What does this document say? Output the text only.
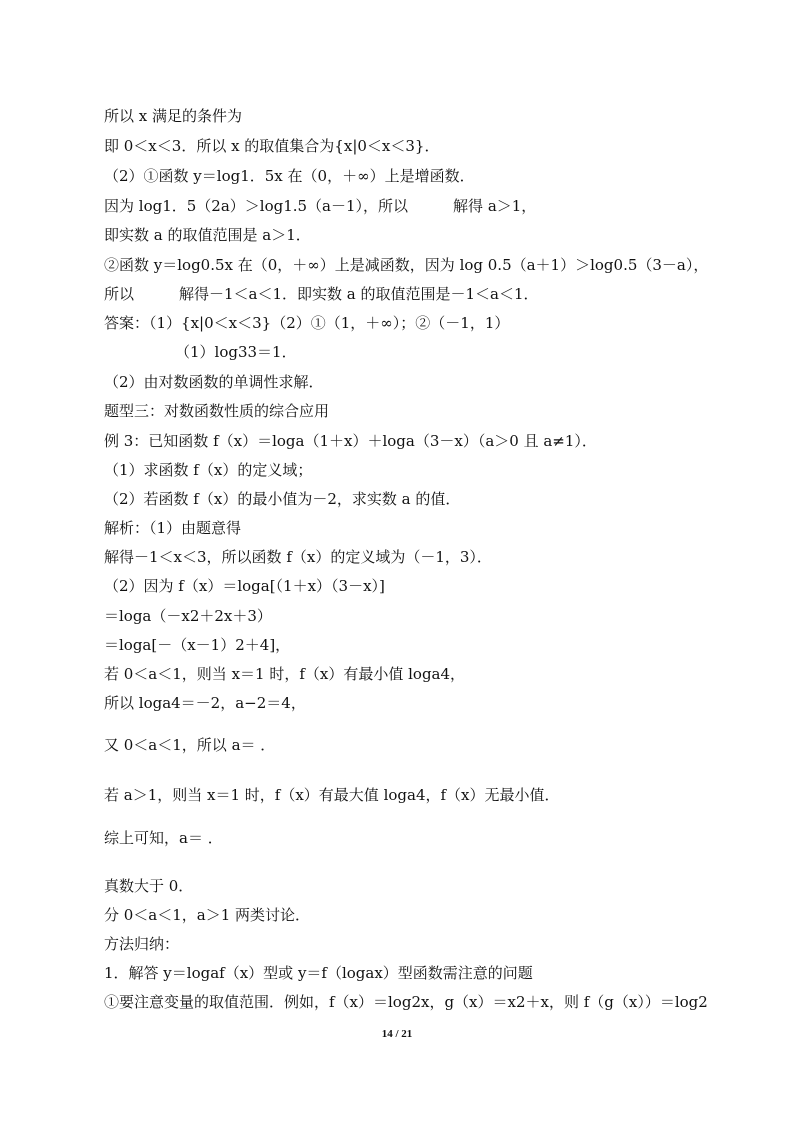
所以 x 满足的条件为
即 0＜x＜3．所以 x 的取值集合为{x|0＜x＜3}．
（2）①函数 y＝log1．5x 在（0，＋∞）上是增函数．
因为 log1．5（2a）＞log1.5（a－1），所以　　　解得 a＞1，
即实数 a 的取值范围是 a＞1．
②函数 y＝log0.5x 在（0，＋∞）上是减函数，因为 log 0.5（a＋1）＞log0.5（3－a），
所以　　　解得－1＜a＜1．即实数 a 的取值范围是－1＜a＜1．
答案：（1）{x|0＜x＜3}（2）①（1，＋∞）；②（－1，1）
（1）log33＝1．
（2）由对数函数的单调性求解．
题型三：对数函数性质的综合应用
例 3：已知函数 f（x）＝loga（1＋x）＋loga（3－x）（a＞0 且 a≠1）．
（1）求函数 f（x）的定义域；
（2）若函数 f（x）的最小值为－2，求实数 a 的值．
解析：（1）由题意得
解得－1＜x＜3，所以函数 f（x）的定义域为（－1，3）．
（2）因为 f（x）＝loga[（1＋x）（3－x）]
＝loga（－x2＋2x＋3）
＝loga[－（x－1）2＋4]，
若 0＜a＜1，则当 x＝1 时，f（x）有最小值 loga4，
所以 loga4＝－2，a−2＝4，
又 0＜a＜1，所以 a＝ ．
若 a＞1，则当 x＝1 时，f（x）有最大值 loga4，f（x）无最小值．
综上可知，a＝ ．
真数大于 0．
分 0＜a＜1，a＞1 两类讨论．
方法归纳：
1．解答 y＝logaf（x）型或 y＝f（logax）型函数需注意的问题
①要注意变量的取值范围．例如，f（x）＝log2x，g（x）＝x2＋x，则 f（g（x））＝log2
14 / 21
